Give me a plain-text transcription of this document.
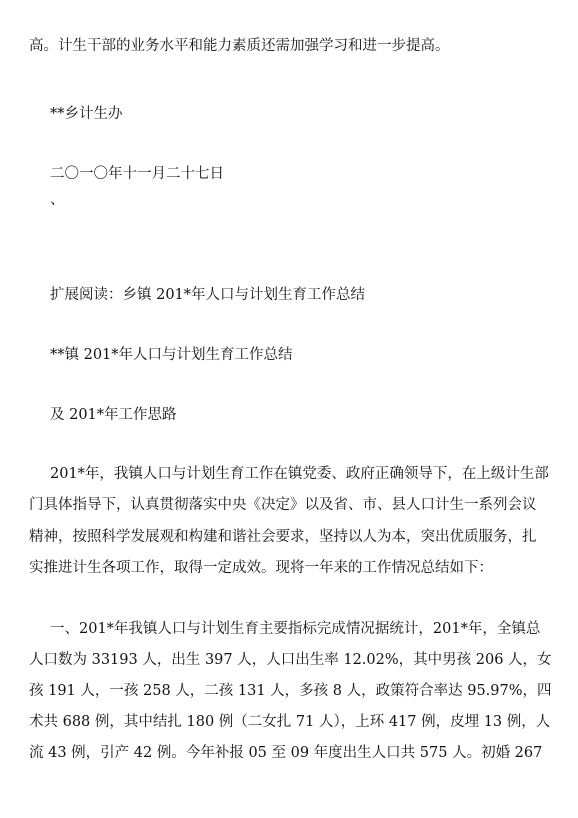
高。计生干部的业务水平和能力素质还需加强学习和进一步提高。
**乡计生办
二〇一〇年十一月二十七日
、
扩展阅读：乡镇 201*年人口与计划生育工作总结
**镇 201*年人口与计划生育工作总结
及 201*年工作思路
201*年，我镇人口与计划生育工作在镇党委、政府正确领导下，在上级计生部
门具体指导下，认真贯彻落实中央《决定》以及省、市、县人口计生一系列会议
精神，按照科学发展观和构建和谐社会要求，坚持以人为本，突出优质服务，扎
实推进计生各项工作，取得一定成效。现将一年来的工作情况总结如下：
一、201*年我镇人口与计划生育主要指标完成情况据统计，201*年，全镇总
人口数为 33193 人，出生 397 人，人口出生率 12.02%，其中男孩 206 人，女
孩 191 人，一孩 258 人，二孩 131 人，多孩 8 人，政策符合率达 95.97%，四
术共 688 例，其中结扎 180 例（二女扎 71 人），上环 417 例，皮埋 13 例，人
流 43 例，引产 42 例。今年补报 05 至 09 年度出生人口共 575 人。初婚 267
